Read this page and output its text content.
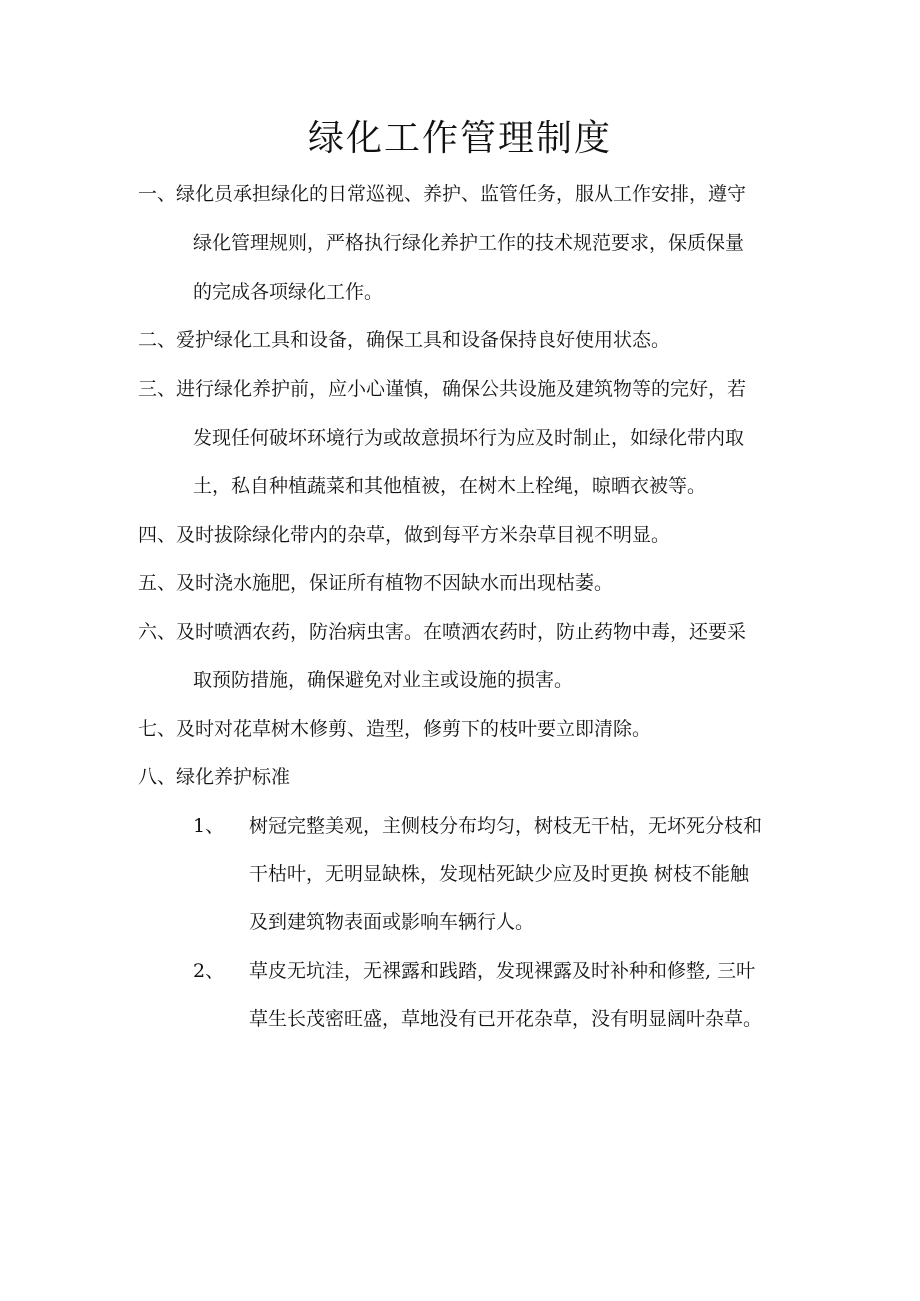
绿化工作管理制度
一、绿化员承担绿化的日常巡视、养护、监管任务，服从工作安排，遵守
绿化管理规则，严格执行绿化养护工作的技术规范要求，保质保量
的完成各项绿化工作。
二、爱护绿化工具和设备，确保工具和设备保持良好使用状态。
三、进行绿化养护前，应小心谨慎，确保公共设施及建筑物等的完好，若
发现任何破坏环境行为或故意损坏行为应及时制止，如绿化带内取
土，私自种植蔬菜和其他植被，在树木上栓绳，晾晒衣被等。
四、及时拔除绿化带内的杂草，做到每平方米杂草目视不明显。
五、及时浇水施肥，保证所有植物不因缺水而出现枯萎。
六、及时喷洒农药，防治病虫害。在喷洒农药时，防止药物中毒，还要采
取预防措施，确保避免对业主或设施的损害。
七、及时对花草树木修剪、造型，修剪下的枝叶要立即清除。
八、绿化养护标准
1、 树冠完整美观，主侧枝分布均匀，树枝无干枯，无坏死分枝和
干枯叶，无明显缺株，发现枯死缺少应及时更换 树枝不能触
及到建筑物表面或影响车辆行人。
2、 草皮无坑洼，无裸露和践踏，发现裸露及时补种和修整, 三叶
草生长茂密旺盛，草地没有已开花杂草，没有明显阔叶杂草。
